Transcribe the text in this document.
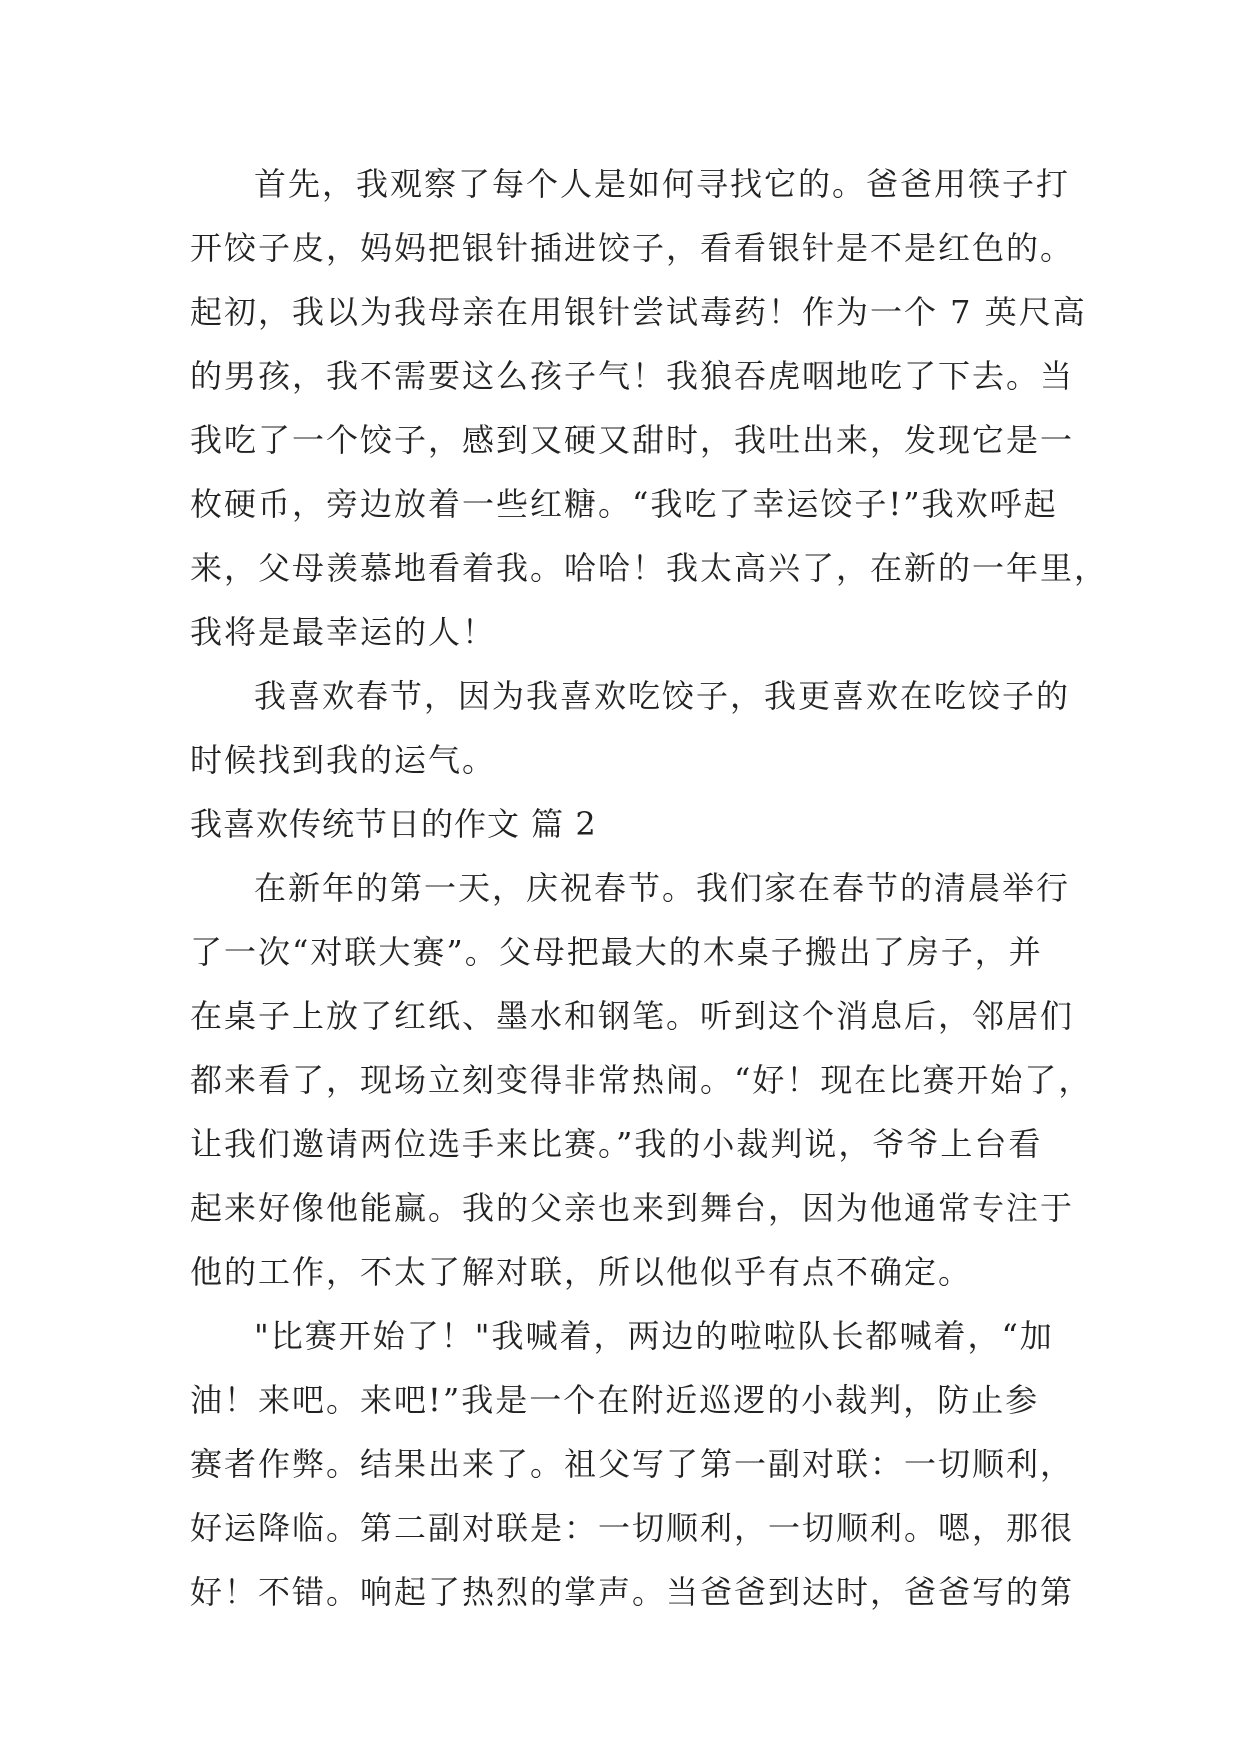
首先，我观察了每个人是如何寻找它的。爸爸用筷子打
开饺子皮，妈妈把银针插进饺子，看看银针是不是红色的。
起初，我以为我母亲在用银针尝试毒药！作为一个 7 英尺高
的男孩，我不需要这么孩子气！我狼吞虎咽地吃了下去。当
我吃了一个饺子，感到又硬又甜时，我吐出来，发现它是一
枚硬币，旁边放着一些红糖。“我吃了幸运饺子!”我欢呼起
来，父母羡慕地看着我。哈哈！我太高兴了，在新的一年里，
我将是最幸运的人！
我喜欢春节，因为我喜欢吃饺子，我更喜欢在吃饺子的
时候找到我的运气。
我喜欢传统节日的作文 篇 2
在新年的第一天，庆祝春节。我们家在春节的清晨举行
了一次“对联大赛”。父母把最大的木桌子搬出了房子，并
在桌子上放了红纸、墨水和钢笔。听到这个消息后，邻居们
都来看了，现场立刻变得非常热闹。“好！现在比赛开始了，
让我们邀请两位选手来比赛。”我的小裁判说，爷爷上台看
起来好像他能赢。我的父亲也来到舞台，因为他通常专注于
他的工作，不太了解对联，所以他似乎有点不确定。
"比赛开始了！"我喊着，两边的啦啦队长都喊着，“加
油！来吧。来吧!”我是一个在附近巡逻的小裁判，防止参
赛者作弊。结果出来了。祖父写了第一副对联：一切顺利，
好运降临。第二副对联是：一切顺利，一切顺利。嗯，那很
好！不错。响起了热烈的掌声。当爸爸到达时，爸爸写的第
